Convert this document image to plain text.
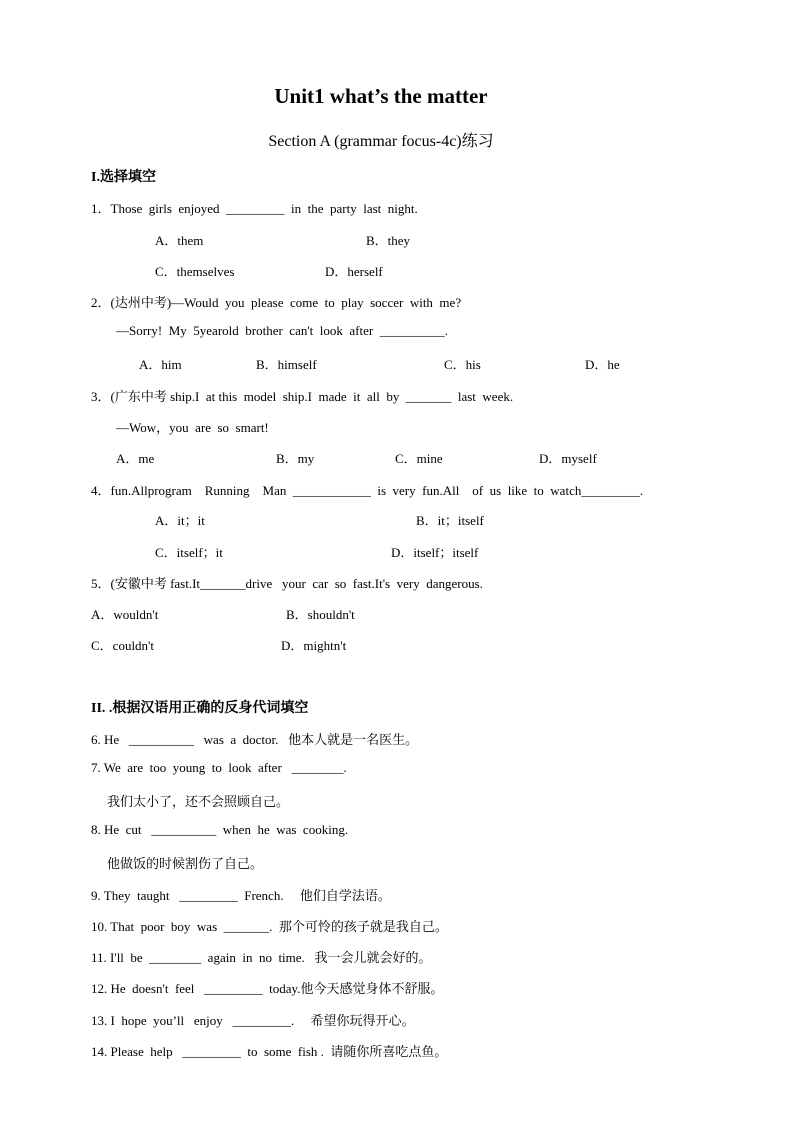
Unit1 what’s the matter
Section A (grammar focus-4c)练习
I.选择填空
1．Those  girls  enjoyed  _________  in  the  party  last  night.
A．them	B．they
C．themselves	D．herself
2．(达州中考)—Would  you  please  come  to  play  soccer  with  me?
—Sorry!  My  5yearold  brother  can't  look  after  __________.
A．him	B．himself	C．his	D．he
3．(广东中考 ship.I  at this  model  ship.I  made  it  all  by  _______  last  week.
—Wow，you  are  so  smart!
A．me	B．my	C．mine	D．myself
4．fun.Allprogram    Running    Man  ____________  is  very  fun.All    of  us  like  to  watch_________.
A．it；it	B．it；itself
C．itself；it	D．itself；itself
5．(安徽中考 fast.It_______drive   your  car  so  fast.It's  very  dangerous.
A．wouldn't	B．shouldn't
C．couldn't	D．mightn't
II. .根据汉语用正确的反身代词填空
6. He   __________   was  a  doctor.   他本人就是一名医生。
7. We  are  too  young  to  look  after   ________.
我们太小了，还不会照顾自己。
8. He  cut   __________  when  he  was  cooking.
他做饭的时候割伤了自己。
9. They  taught   _________  French.     他们自学法语。
10. That  poor  boy  was  _______.  那个可怜的孩子就是我自己。
11. I'll  be  ________  again  in  no  time.   我一会儿就会好的。
12. He  doesn't  feel   _________  today.他今天感觉身体不舒服。
13. I  hope  you’ll   enjoy   _________.     希望你玩得开心。
14. Please  help   _________  to  some  fish .  请随你所喜吃点鱼。
